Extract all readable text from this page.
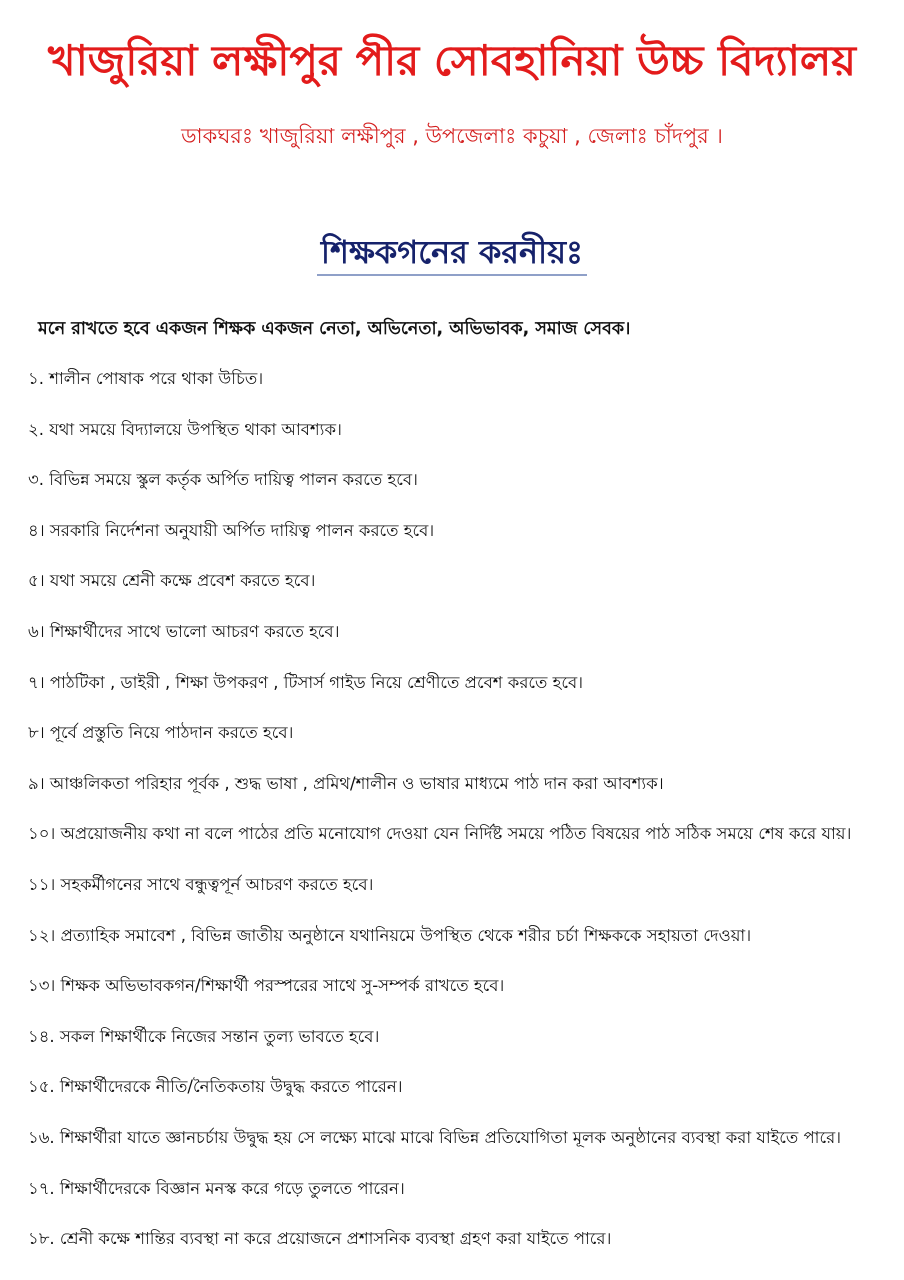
খাজুরিয়া লক্ষীপুর পীর সোবহানিয়া উচ্চ বিদ্যালয়
ডাকঘরঃ খাজুরিয়া লক্ষীপুর , উপজেলাঃ কচুয়া , জেলাঃ চাঁদপুর ।
শিক্ষকগনের করনীয়ঃ
মনে রাখতে হবে একজন শিক্ষক একজন নেতা, অভিনেতা, অভিভাবক, সমাজ সেবক।
১. শালীন পোষাক পরে থাকা উচিত।
২. যথা সময়ে বিদ্যালয়ে উপস্থিত থাকা আবশ্যক।
৩. বিভিন্ন সময়ে স্কুল কর্তৃক অর্পিত দায়িত্ব পালন করতে হবে।
৪। সরকারি নির্দেশনা অনুযায়ী অর্পিত দায়িত্ব পালন করতে হবে।
৫। যথা সময়ে শ্রেনী কক্ষে প্রবেশ করতে হবে।
৬। শিক্ষার্থীদের সাথে ভালো আচরণ করতে হবে।
৭। পাঠটিকা , ডাইরী , শিক্ষা উপকরণ , টিসার্স গাইড নিয়ে শ্রেণীতে প্রবেশ করতে হবে।
৮। পূর্বে প্রস্তুতি নিয়ে পাঠদান করতে হবে।
৯। আঞ্চলিকতা পরিহার পূর্বক , শুদ্ধ ভাষা , প্রমিথ/শালীন ও ভাষার মাধ্যমে পাঠ দান করা আবশ্যক।
১০। অপ্রয়োজনীয় কথা না বলে পাঠের প্রতি মনোযোগ দেওয়া যেন নির্দিষ্ট সময়ে পঠিত বিষয়ের পাঠ সঠিক সময়ে শেষ করে যায়।
১১। সহকর্মীগনের সাথে বন্ধুত্বপূর্ন আচরণ করতে হবে।
১২। প্রত্যাহিক সমাবেশ , বিভিন্ন জাতীয় অনুষ্ঠানে যথানিয়মে উপস্থিত থেকে শরীর চর্চা শিক্ষককে সহায়তা দেওয়া।
১৩। শিক্ষক অভিভাবকগন/শিক্ষার্থী পরস্পরের সাথে সু-সম্পর্ক রাখতে হবে।
১৪. সকল শিক্ষার্থীকে নিজের সন্তান তুল্য ভাবতে হবে।
১৫. শিক্ষার্থীদেরকে নীতি/নৈতিকতায় উদ্বুদ্ধ করতে পারেন।
১৬. শিক্ষার্থীরা যাতে জ্ঞানচর্চায় উদ্বুদ্ধ হয় সে লক্ষ্যে মাঝে মাঝে বিভিন্ন প্রতিযোগিতা মূলক অনুষ্ঠানের ব্যবস্থা করা যাইতে পারে।
১৭. শিক্ষার্থীদেরকে বিজ্ঞান মনস্ক করে গড়ে তুলতে পারেন।
১৮. শ্রেনী কক্ষে শান্তির ব্যবস্থা না করে প্রয়োজনে প্রশাসনিক ব্যবস্থা গ্রহণ করা যাইতে পারে।
